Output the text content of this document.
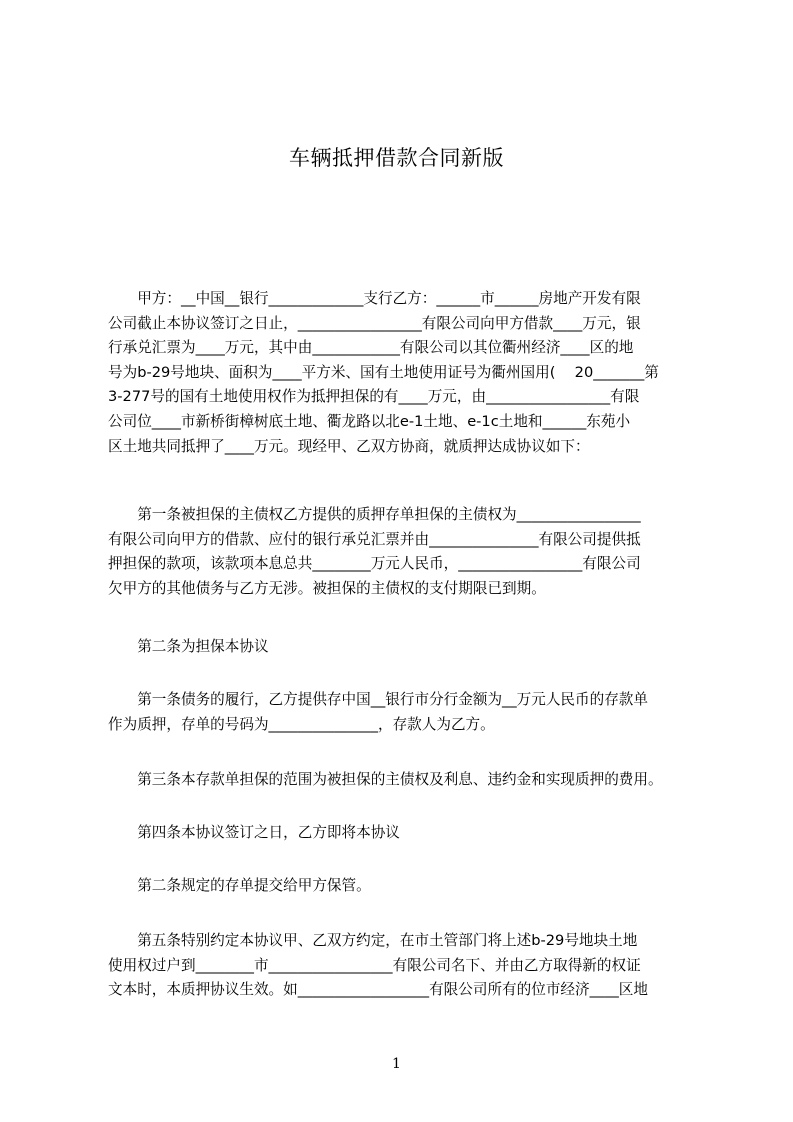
车辆抵押借款合同新版
　　甲方：__中国__银行_____________支行乙方：______市______房地产开发有限
公司截止本协议签订之日止，_________________有限公司向甲方借款____万元，银
行承兑汇票为____万元，其中由____________有限公司以其位衢州经济____区的地
号为b-29号地块、面积为____平方米、国有土地使用证号为衢州国用(　 20_______第
3-277号的国有土地使用权作为抵押担保的有____万元，由_________________有限
公司位____市新桥街樟树底土地、衢龙路以北e-1土地、e-1c土地和______东苑小
区土地共同抵押了____万元。现经甲、乙双方协商，就质押达成协议如下：
　　第一条被担保的主债权乙方提供的质押存单担保的主债权为_________________
有限公司向甲方的借款、应付的银行承兑汇票并由_______________有限公司提供抵
押担保的款项，该款项本息总共________万元人民币，_________________有限公司
欠甲方的其他债务与乙方无涉。被担保的主债权的支付期限已到期。
　　第二条为担保本协议
　　第一条债务的履行，乙方提供存中国__银行市分行金额为__万元人民币的存款单
作为质押，存单的号码为_______________，存款人为乙方。
　　第三条本存款单担保的范围为被担保的主债权及利息、违约金和实现质押的费用。
　　第四条本协议签订之日，乙方即将本协议
　　第二条规定的存单提交给甲方保管。
　　第五条特别约定本协议甲、乙双方约定，在市土管部门将上述b-29号地块土地
使用权过户到________市_________________有限公司名下、并由乙方取得新的权证
文本时，本质押协议生效。如__________________有限公司所有的位市经济____区地
1
